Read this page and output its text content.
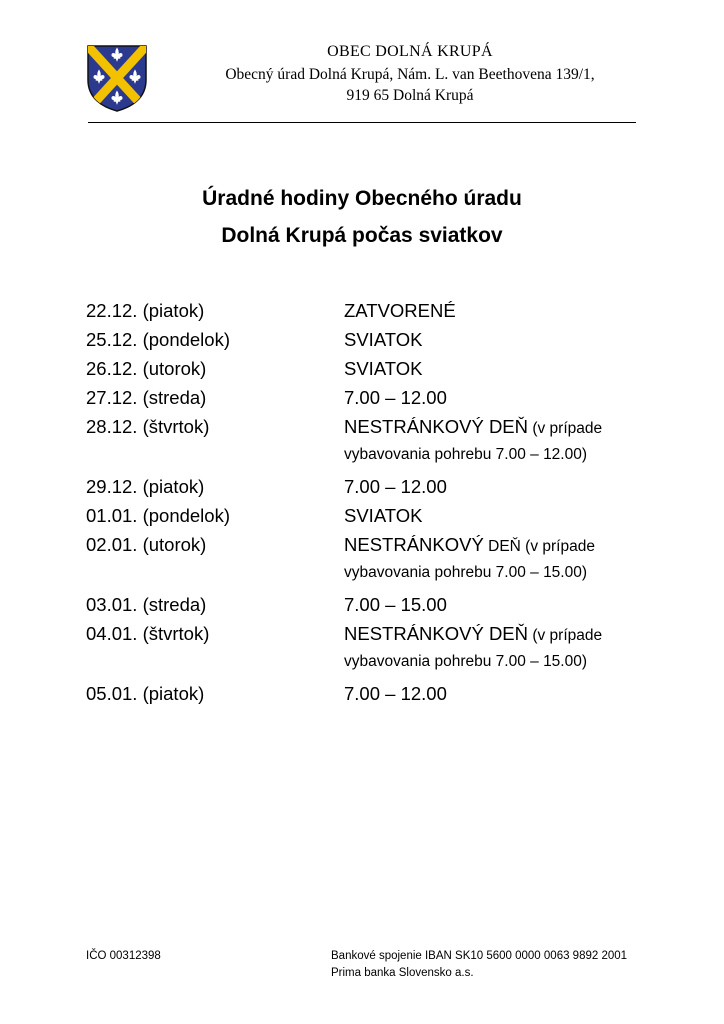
OBEC DOLNÁ KRUPÁ
Obecný úrad Dolná Krupá, Nám. L. van Beethovena 139/1,
919 65 Dolná Krupá
Úradné hodiny Obecného úradu
Dolná Krupá počas sviatkov
22.12. (piatok)	ZATVORENÉ
25.12. (pondelok)	SVIATOK
26.12. (utorok)	SVIATOK
27.12. (streda)	7.00 – 12.00
28.12. (štvrtok)	NESTRÁNKOVÝ DEŇ (v prípade
vybavovania pohrebu 7.00 – 12.00)
29.12. (piatok)	7.00 – 12.00
01.01. (pondelok)	SVIATOK
02.01. (utorok)	NESTRÁNKOVÝ DEŇ (v prípade
vybavovania pohrebu 7.00 – 15.00)
03.01. (streda)	7.00 – 15.00
04.01. (štvrtok)	NESTRÁNKOVÝ DEŇ (v prípade
vybavovania pohrebu 7.00 – 15.00)
05.01. (piatok)	7.00 – 12.00
IČO 00312398	Bankové spojenie IBAN SK10 5600 0000 0063 9892 2001
Prima banka Slovensko a.s.
